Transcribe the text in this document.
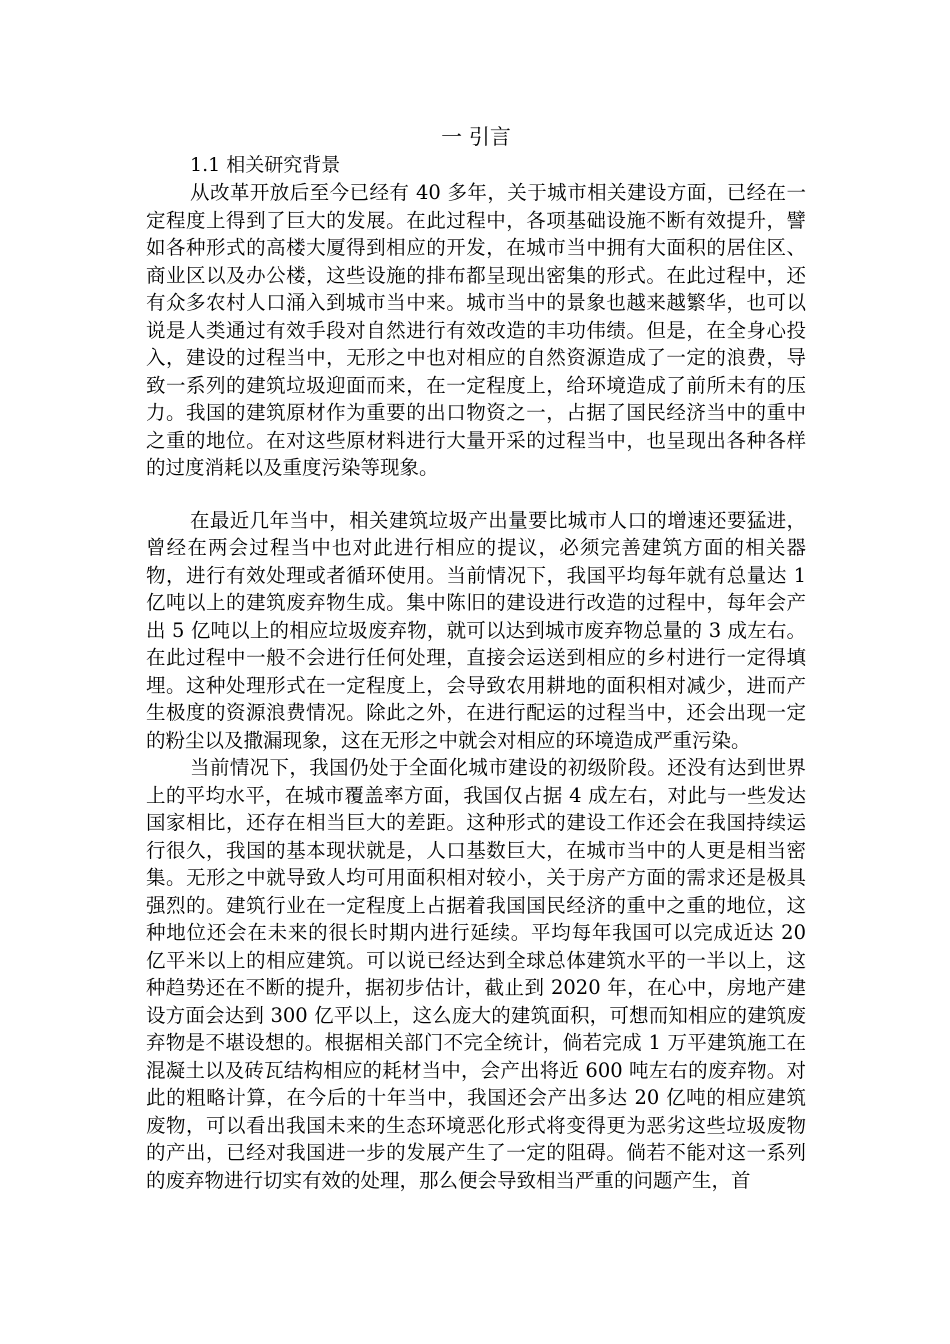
一 引言
1.1 相关研究背景

从改革开放后至今已经有 40 多年，关于城市相关建设方面，已经在一定程度上得到了巨大的发展。在此过程中，各项基础设施不断有效提升，譬如各种形式的高楼大厦得到相应的开发，在城市当中拥有大面积的居住区、商业区以及办公楼，这些设施的排布都呈现出密集的形式。在此过程中，还有众多农村人口涌入到城市当中来。城市当中的景象也越来越繁华，也可以说是人类通过有效手段对自然进行有效改造的丰功伟绩。但是，在全身心投入，建设的过程当中，无形之中也对相应的自然资源造成了一定的浪费，导致一系列的建筑垃圾迎面而来，在一定程度上，给环境造成了前所未有的压力。我国的建筑原材作为重要的出口物资之一，占据了国民经济当中的重中之重的地位。在对这些原材料进行大量开采的过程当中，也呈现出各种各样的过度消耗以及重度污染等现象。

在最近几年当中，相关建筑垃圾产出量要比城市人口的增速还要猛进，曾经在两会过程当中也对此进行相应的提议，必须完善建筑方面的相关器物，进行有效处理或者循环使用。当前情况下，我国平均每年就有总量达 1 亿吨以上的建筑废弃物生成。集中陈旧的建设进行改造的过程中，每年会产出 5 亿吨以上的相应垃圾废弃物，就可以达到城市废弃物总量的 3 成左右。在此过程中一般不会进行任何处理，直接会运送到相应的乡村进行一定得填埋。这种处理形式在一定程度上，会导致农用耕地的面积相对减少，进而产生极度的资源浪费情况。除此之外，在进行配运的过程当中，还会出现一定的粉尘以及撒漏现象，这在无形之中就会对相应的环境造成严重污染。

当前情况下，我国仍处于全面化城市建设的初级阶段。还没有达到世界上的平均水平，在城市覆盖率方面，我国仅占据 4 成左右，对此与一些发达国家相比，还存在相当巨大的差距。这种形式的建设工作还会在我国持续运行很久，我国的基本现状就是，人口基数巨大，在城市当中的人更是相当密集。无形之中就导致人均可用面积相对较小，关于房产方面的需求还是极具强烈的。建筑行业在一定程度上占据着我国国民经济的重中之重的地位，这种地位还会在未来的很长时期内进行延续。平均每年我国可以完成近达 20 亿平米以上的相应建筑。可以说已经达到全球总体建筑水平的一半以上，这种趋势还在不断的提升，据初步估计，截止到 2020 年，在心中，房地产建设方面会达到 300 亿平以上，这么庞大的建筑面积，可想而知相应的建筑废弃物是不堪设想的。根据相关部门不完全统计，倘若完成 1 万平建筑施工在混凝土以及砖瓦结构相应的耗材当中，会产出将近 600 吨左右的废弃物。对此的粗略计算，在今后的十年当中，我国还会产出多达 20 亿吨的相应建筑废物，可以看出我国未来的生态环境恶化形式将变得更为恶劣这些垃圾废物的产出，已经对我国进一步的发展产生了一定的阻碍。倘若不能对这一系列的废弃物进行切实有效的处理，那么便会导致相当严重的问题产生，首
